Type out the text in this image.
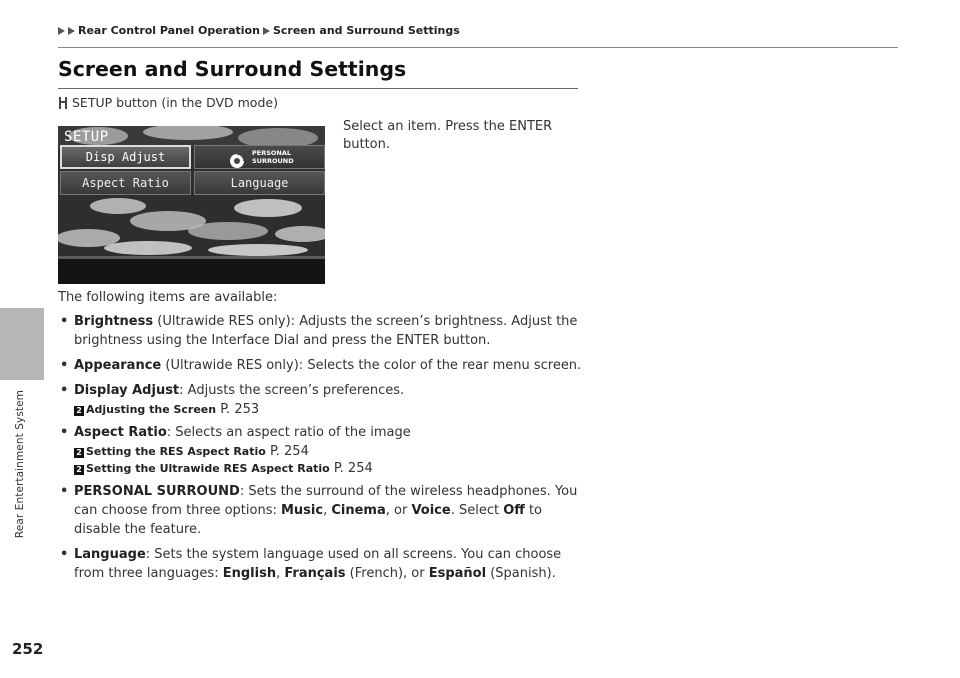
Rear Entertainment System
252
Rear Control Panel Operation Screen and Surround Settings
Screen and Surround Settings
SETUP button (in the DVD mode)
Select an item. Press the ENTER button.
SETUP
Disp Adjust	PERSONAL
SURROUND
Aspect Ratio	Language
The following items are available:
• Brightness (Ultrawide RES only): Adjusts the screen’s brightness. Adjust the brightness using the Interface Dial and press the ENTER button.
• Appearance (Ultrawide RES only): Selects the color of the rear menu screen.
• Display Adjust: Adjusts the screen’s preferences.
2 Adjusting the Screen P. 253
• Aspect Ratio: Selects an aspect ratio of the image
2 Setting the RES Aspect Ratio P. 254
2 Setting the Ultrawide RES Aspect Ratio P. 254
• PERSONAL SURROUND: Sets the surround of the wireless headphones. You can choose from three options: Music, Cinema, or Voice. Select Off to disable the feature.
• Language: Sets the system language used on all screens. You can choose from three languages: English, Français (French), or Español (Spanish).
